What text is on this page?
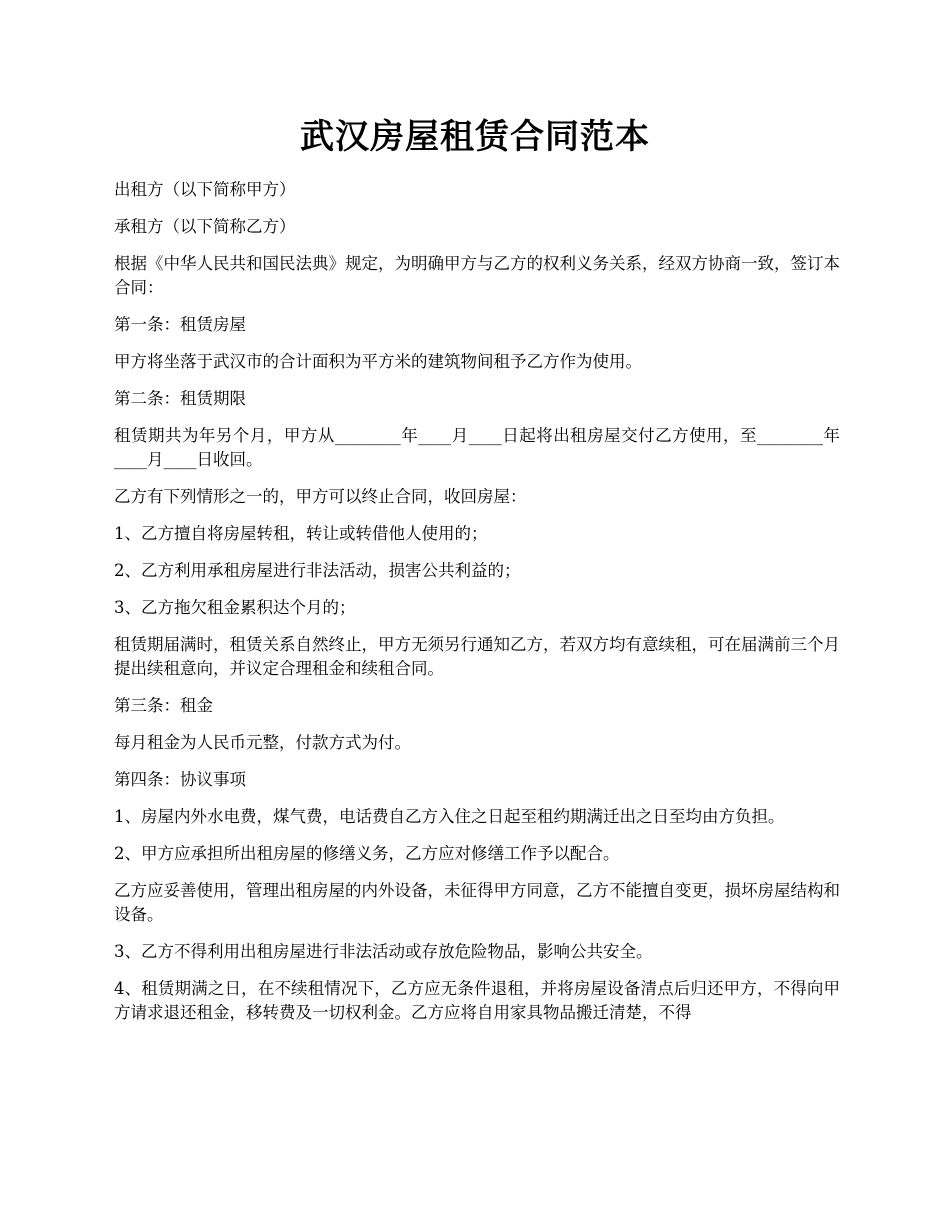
武汉房屋租赁合同范本

出租方（以下简称甲方）

承租方（以下简称乙方）

根据《中华人民共和国民法典》规定，为明确甲方与乙方的权利义务关系，经双方协商一致，签订本合同：

第一条：租赁房屋

甲方将坐落于武汉市的合计面积为平方米的建筑物间租予乙方作为使用。

第二条：租赁期限

租赁期共为年另个月，甲方从________年____月____日起将出租房屋交付乙方使用，至________年____月____日收回。

乙方有下列情形之一的，甲方可以终止合同，收回房屋：

1、乙方擅自将房屋转租，转让或转借他人使用的；

2、乙方利用承租房屋进行非法活动，损害公共利益的；

3、乙方拖欠租金累积达个月的；

租赁期届满时，租赁关系自然终止，甲方无须另行通知乙方，若双方均有意续租，可在届满前三个月提出续租意向，并议定合理租金和续租合同。

第三条：租金

每月租金为人民币元整，付款方式为付。

第四条：协议事项

1、房屋内外水电费，煤气费，电话费自乙方入住之日起至租约期满迁出之日至均由方负担。

2、甲方应承担所出租房屋的修缮义务，乙方应对修缮工作予以配合。

乙方应妥善使用，管理出租房屋的内外设备，未征得甲方同意，乙方不能擅自变更，损坏房屋结构和设备。

3、乙方不得利用出租房屋进行非法活动或存放危险物品，影响公共安全。

4、租赁期满之日，在不续租情况下，乙方应无条件退租，并将房屋设备清点后归还甲方，不得向甲方请求退还租金，移转费及一切权利金。乙方应将自用家具物品搬迁清楚，不得
